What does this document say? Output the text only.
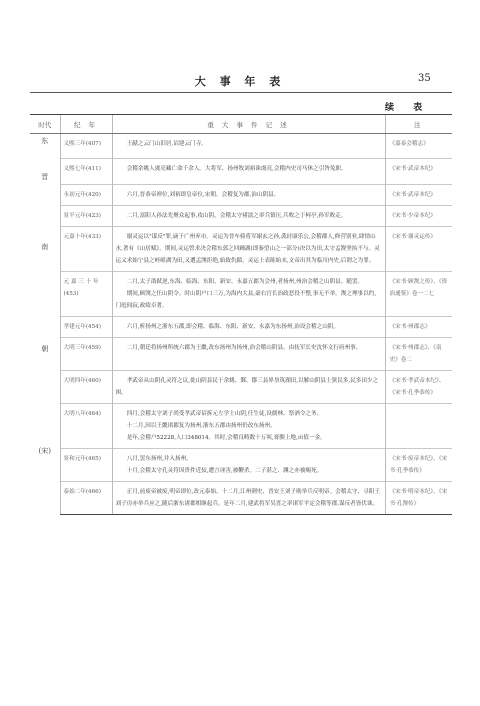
大 事 年 表	35
续 表
时代	纪 年	重 大 事 件 记 述	注

东
晋	义熙三年(407)	王献之云门山旧居,诏建云门寺。	《嘉泰会稽志》
	义熙七年(411)	会稽余姚人虞亮藏亡命千余人。大将军、扬州牧刘裕诛虞亮,会稽内史司马休之引咎免职。	《宋书·武帝本纪》

南
朝
(宋)	永初元年(420)	六月,晋恭帝禅位,刘裕即皇帝位,宋朝。会稽复为郡,治山阴县。	《宋书·武帝本纪》
	景平元年(423)	二月,富阳人孙法先聚众起事,攻山阴。会稽太守褚淡之率兵镇压,兵败之于柯亭,孙军败走。	《宋书·少帝本纪》
	元嘉十年(433)	谢灵运以"谋反"罪,谪于广州弃市。灵运为晋车骑将军谢玄之孙,袭封康乐公,会稽郡人,修营别业,肆情山水,著有《山居赋》。期间,灵运曾求决会稽东郭之回踵湖(即秦望山之一部分)决以为田,太守孟觊坚执不与。灵运又求始宁县之岯崲湖为田,又遭孟觊拒绝,始致仇隙。灵运上表陈始末,文帝出其为临川内史,后谓之为罪。	《宋书·谢灵运传》
	元 嘉 三 十 年 (453)	二月,太子劭弑逆,东海、临海、东阳、新安、永嘉五郡为会州,者扬州,州治会稽之山阴县。随罢。

期间,顾觊之任山阴令。时山阴户口三万,为海内大县,豪右官长治政恶役不整,事无不举。觊之理事以约,门庭间寂,政绩卓著。	《宋书·顾觊之传》、《资治通鉴》卷一二七
	孝建元年(454)	六月,析扬州之浙东五郡,即会稽、临海、东阳、新安、永嘉为东扬州,治设会稽之山阴。	《宋书·州郡志》
	大明三年(459)	二月,朝廷将扬州所统六郡为王畿,改东扬州为扬州,治会稽山阴县。由抚军长史沈怀文行府州事。	《宋书·州郡志》、《南史》卷二
	大明四年(460)	孝武帝从山阴孔灵符之议,徙山阴县民于余姚、鄞、鄮三县界垦筑湖田,以解山阴县土狭民多,民多田少之困。	《宋书·孝武帝本纪》、《宋书·孔季恭传》
	大明八年(464)	四月,会稽太守刘子尚受孝武帝诏拆元左学士山阴,任生徒,设儒林、祭酒令之务。

十二月,因以王畿诸郡复为扬州,浙东五郡由扬州仍改东扬州。

是年,会稽户52228,人口348014。其时,会稽良畴数十万顷,膏腴上地,亩值一金。	

	景和元年(465)	八月,罢东扬州,并入扬州。

十月,会稽太守孔灵符因贵件近佞,遭言诬害,被鞭杀。二子湛之、渊之亦被赐死。	《宋书·废帝本纪》、《宋书·孔季恭传》
	泰始二年(466)	正月,前废帝被废,明帝即位,改元泰始。十二月,江州刺史、晋安王刘子勋举兵反明帝。会稽太守、寻阳王刘子房亦举兵应之,随后浙东诸郡相继起兵。是年二月,建武将军吴喜之率诸军平定会稽等郡,谋反者皆伏诛。	《宋书·明帝本纪》、《宋书·孔觊传》
